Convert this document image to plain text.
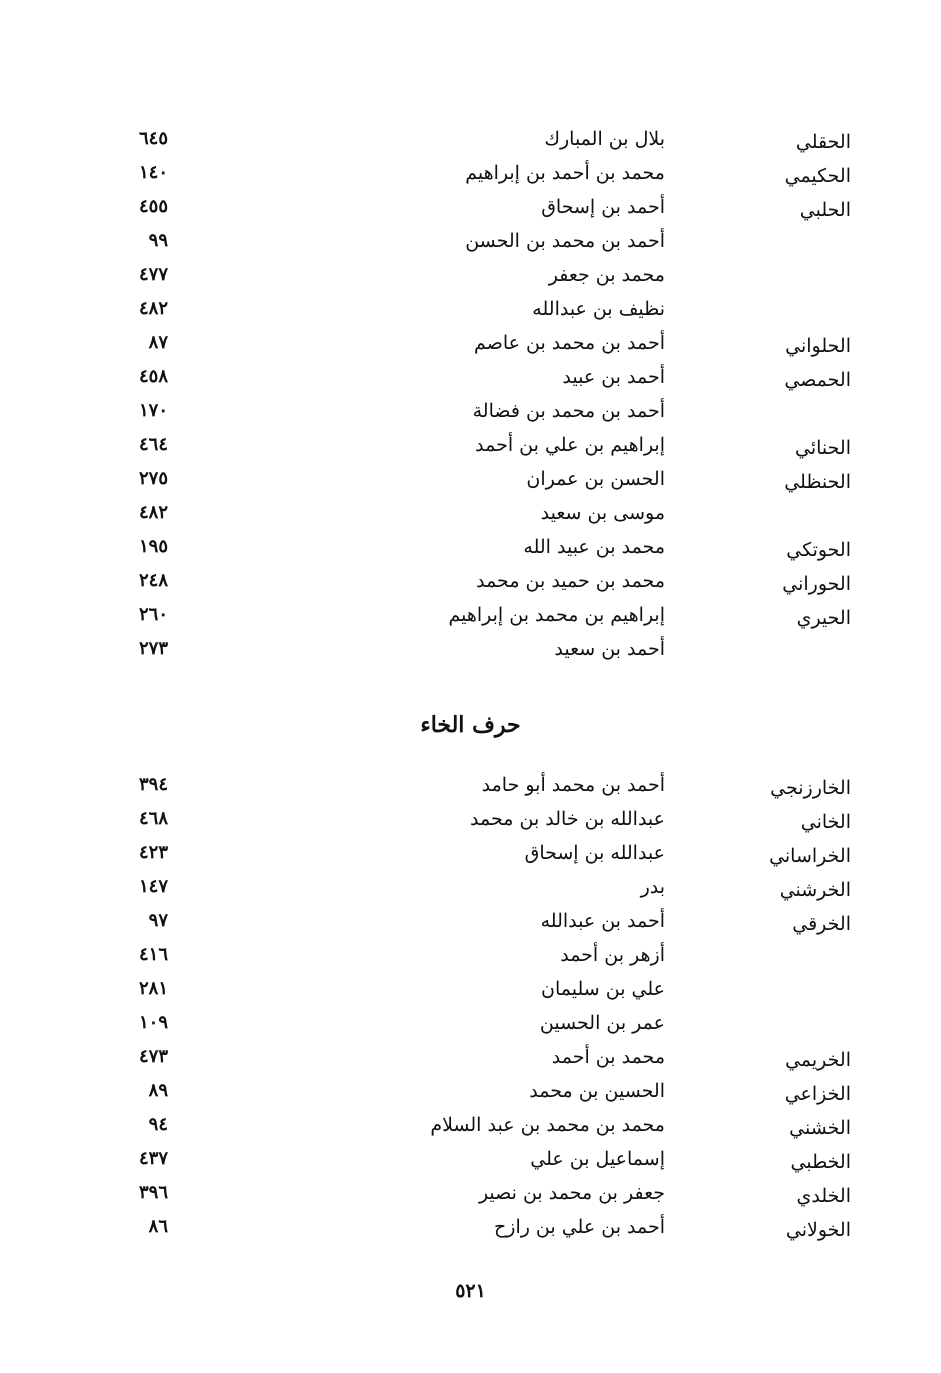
الحقلي
بلال بن المبارك
٦٤٥
الحكيمي
محمد بن أحمد بن إبراهيم
١٤٠
الحلبي
أحمد بن إسحاق
٤٥٥
أحمد بن محمد بن الحسن
٩٩
محمد بن جعفر
٤٧٧
نظيف بن عبدالله
٤٨٢
الحلواني
أحمد بن محمد بن عاصم
٨٧
الحمصي
أحمد بن عبيد
٤٥٨
أحمد بن محمد بن فضالة
١٧٠
الحنائي
إبراهيم بن علي بن أحمد
٤٦٤
الحنظلي
الحسن بن عمران
٢٧٥
موسى بن سعيد
٤٨٢
الحوتكي
محمد بن عبيد الله
١٩٥
الحوراني
محمد بن حميد بن محمد
٢٤٨
الحيري
إبراهيم بن محمد بن إبراهيم
٢٦٠
أحمد بن سعيد
٢٧٣
حرف الخاء
الخارزنجي
أحمد بن محمد أبو حامد
٣٩٤
الخاني
عبدالله بن خالد بن محمد
٤٦٨
الخراساني
عبدالله بن إسحاق
٤٢٣
الخرشني
بدر
١٤٧
الخرقي
أحمد بن عبدالله
٩٧
أزهر بن أحمد
٤١٦
علي بن سليمان
٢٨١
عمر بن الحسين
١٠٩
الخريمي
محمد بن أحمد
٤٧٣
الخزاعي
الحسين بن محمد
٨٩
الخشني
محمد بن محمد بن عبد السلام
٩٤
الخطبي
إسماعيل بن علي
٤٣٧
الخلدي
جعفر بن محمد بن نصير
٣٩٦
الخولاني
أحمد بن علي بن رازح
٨٦
٥٢١
